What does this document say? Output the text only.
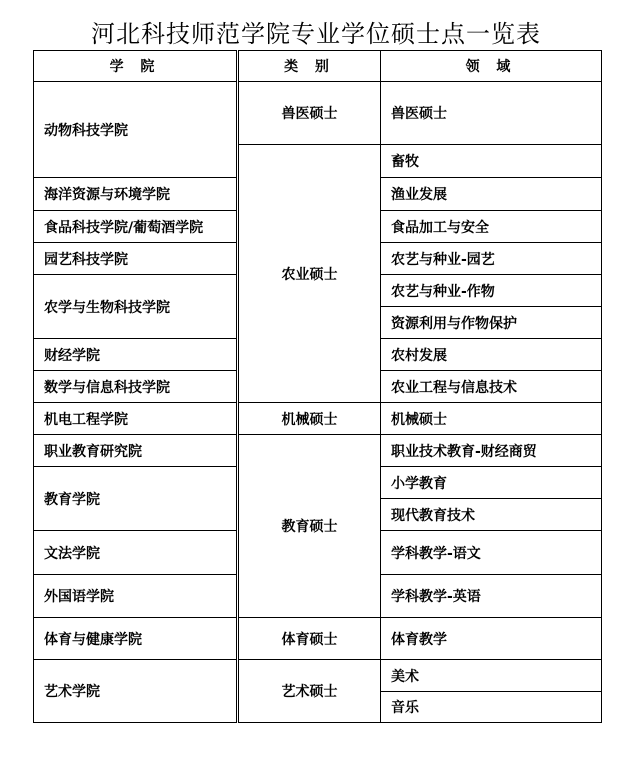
河北科技师范学院专业学位硕士点一览表
学 院	类 别	领 域
动物科技学院	兽医硕士	兽医硕士
	农业硕士	畜牧
海洋资源与环境学院		渔业发展
食品科技学院/葡萄酒学院		食品加工与安全
园艺科技学院		农艺与种业-园艺
农学与生物科技学院		农艺与种业-作物
		资源利用与作物保护
财经学院		农村发展
数学与信息科技学院		农业工程与信息技术
机电工程学院	机械硕士	机械硕士
职业教育研究院	教育硕士	职业技术教育-财经商贸
教育学院		小学教育
		现代教育技术
文法学院		学科教学-语文
外国语学院		学科教学-英语
体育与健康学院	体育硕士	体育教学
艺术学院	艺术硕士	美术
		音乐
